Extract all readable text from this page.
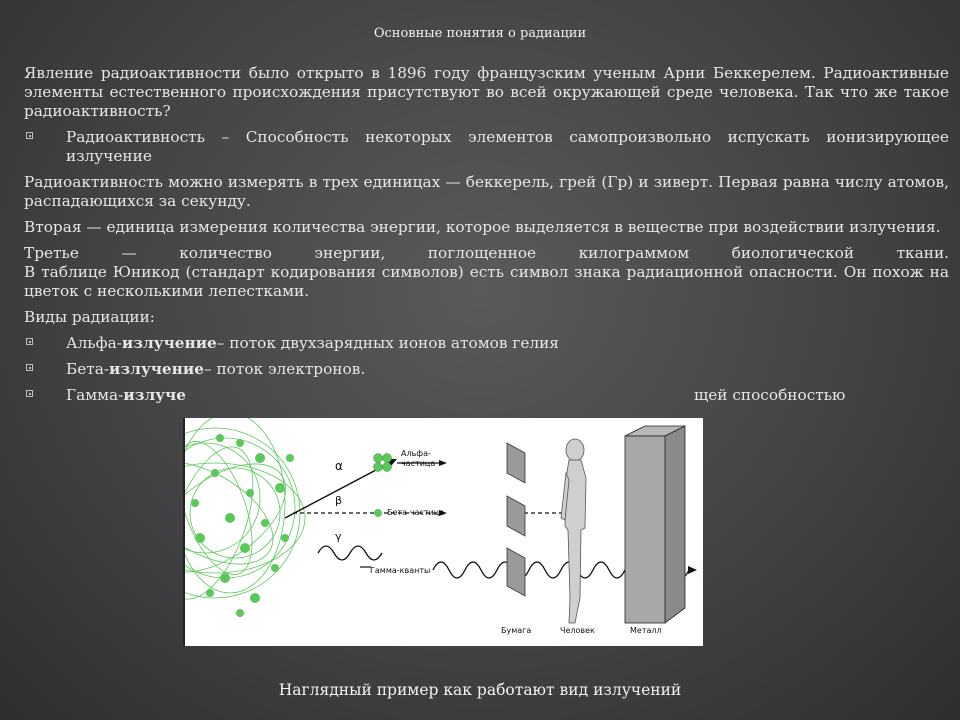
Основные понятия о радиации

Явление радиоактивности было открыто в 1896 году французским ученым Арни Беккерелем. Радиоактивные элементы естественного происхождения присутствуют во всей окружающей среде человека. Так что же такое радиоактивность?

Радиоактивность – Способность некоторых элементов самопроизвольно испускать ионизирующее излучение

Радиоактивность можно измерять в трех единицах — беккерель, грей (Гр) и зиверт. Первая равна числу атомов, распадающихся за секунду.

Вторая — единица измерения количества энергии, которое выделяется в веществе при воздействии излучения.

Третье — количество энергии, поглощенное килограммом биологической ткани.

В таблице Юникод (стандарт кодирования символов) есть символ знака радиационной опасности. Он похож на цветок с несколькими лепестками.

Виды радиации:

Альфа-излучение– поток двухзарядных ионов атомов гелия
Бета-излучение– поток электронов.
Гамма-излуче	щей способностью
α
Альфа-
частица
β
Бета-частица
γ
Гамма-кванты
Бумага	Человек	Металл
Наглядный пример как работают вид излучений
